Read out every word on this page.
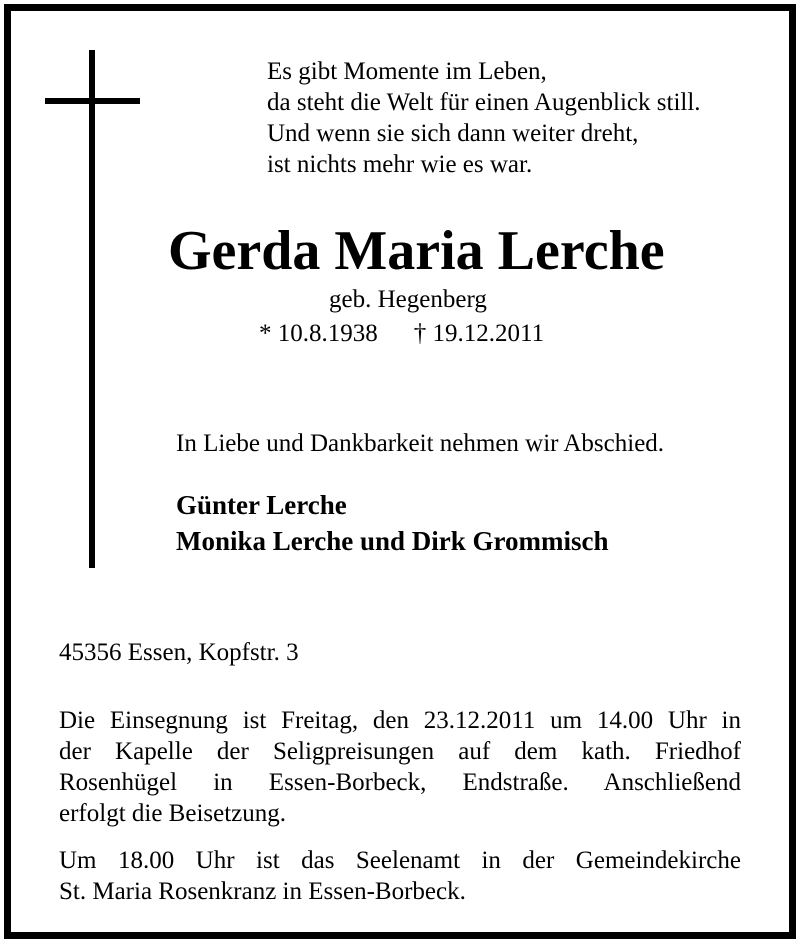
Es gibt Momente im Leben,
da steht die Welt für einen Augenblick still.
Und wenn sie sich dann weiter dreht,
ist nichts mehr wie es war.
Gerda Maria Lerche
geb. Hegenberg
* 10.8.1938 † 19.12.2011
In Liebe und Dankbarkeit nehmen wir Abschied.
Günter Lerche
Monika Lerche und Dirk Grommisch
45356 Essen, Kopfstr. 3
Die Einsegnung ist Freitag, den 23.12.2011 um 14.00 Uhr in
der Kapelle der Seligpreisungen auf dem kath. Friedhof
Rosenhügel in Essen-Borbeck, Endstraße. Anschließend
erfolgt die Beisetzung.
Um 18.00 Uhr ist das Seelenamt in der Gemeindekirche
St. Maria Rosenkranz in Essen-Borbeck.
